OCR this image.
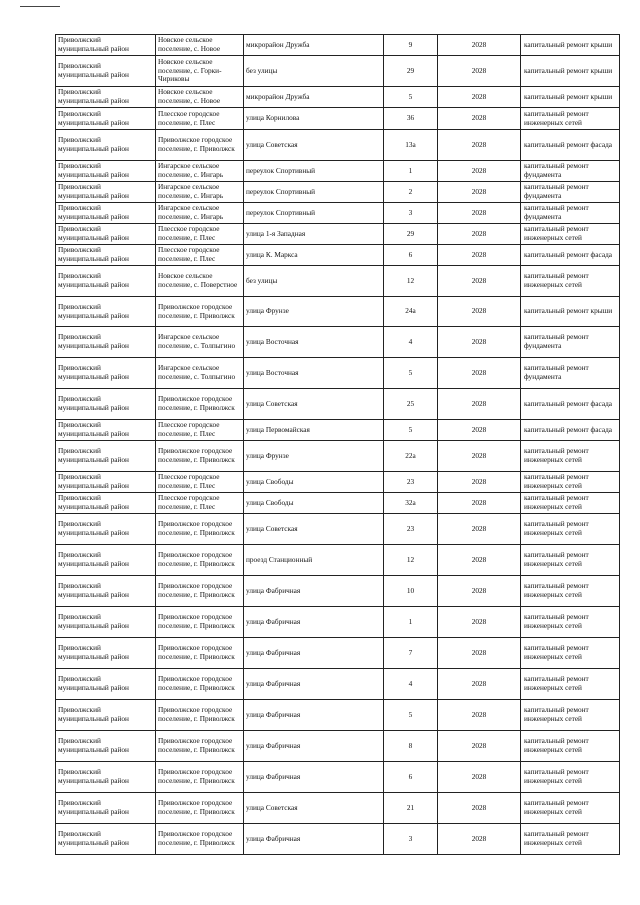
Приволжский муниципальный район	Новское сельское поселение, с. Новое	микрорайон Дружба	9	2028	капитальный ремонт крыши
Приволжский муниципальный район	Новское сельское поселение, с. Горки-Чириковы	без улицы	29	2028	капитальный ремонт крыши
Приволжский муниципальный район	Новское сельское поселение, с. Новое	микрорайон Дружба	5	2028	капитальный ремонт крыши
Приволжский муниципальный район	Плесское городское поселение, г. Плес	улица Корнилова	36	2028	капитальный ремонт инженерных сетей
Приволжский муниципальный район	Приволжское городское поселение, г. Приволжск	улица Советская	13а	2028	капитальный ремонт фасада
Приволжский муниципальный район	Ингарское сельское поселение, с. Ингарь	переулок Спортивный	1	2028	капитальный ремонт фундамента
Приволжский муниципальный район	Ингарское сельское поселение, с. Ингарь	переулок Спортивный	2	2028	капитальный ремонт фундамента
Приволжский муниципальный район	Ингарское сельское поселение, с. Ингарь	переулок Спортивный	3	2028	капитальный ремонт фундамента
Приволжский муниципальный район	Плесское городское поселение, г. Плес	улица 1-я Западная	29	2028	капитальный ремонт инженерных сетей
Приволжский муниципальный район	Плесское городское поселение, г. Плес	улица К. Маркса	6	2028	капитальный ремонт фасада
Приволжский муниципальный район	Новское сельское поселение, с. Поверстное	без улицы	12	2028	капитальный ремонт инженерных сетей
Приволжский муниципальный район	Приволжское городское поселение, г. Приволжск	улица Фрунзе	24а	2028	капитальный ремонт крыши
Приволжский муниципальный район	Ингарское сельское поселение, с. Толпыгино	улица Восточная	4	2028	капитальный ремонт фундамента
Приволжский муниципальный район	Ингарское сельское поселение, с. Толпыгино	улица Восточная	5	2028	капитальный ремонт фундамента
Приволжский муниципальный район	Приволжское городское поселение, г. Приволжск	улица Советская	25	2028	капитальный ремонт фасада
Приволжский муниципальный район	Плесское городское поселение, г. Плес	улица Первомайская	5	2028	капитальный ремонт фасада
Приволжский муниципальный район	Приволжское городское поселение, г. Приволжск	улица Фрунзе	22а	2028	капитальный ремонт инженерных сетей
Приволжский муниципальный район	Плесское городское поселение, г. Плес	улица Свободы	23	2028	капитальный ремонт инженерных сетей
Приволжский муниципальный район	Плесское городское поселение, г. Плес	улица Свободы	32а	2028	капитальный ремонт инженерных сетей
Приволжский муниципальный район	Приволжское городское поселение, г. Приволжск	улица Советская	23	2028	капитальный ремонт инженерных сетей
Приволжский муниципальный район	Приволжское городское поселение, г. Приволжск	проезд Станционный	12	2028	капитальный ремонт инженерных сетей
Приволжский муниципальный район	Приволжское городское поселение, г. Приволжск	улица Фабричная	10	2028	капитальный ремонт инженерных сетей
Приволжский муниципальный район	Приволжское городское поселение, г. Приволжск	улица Фабричная	1	2028	капитальный ремонт инженерных сетей
Приволжский муниципальный район	Приволжское городское поселение, г. Приволжск	улица Фабричная	7	2028	капитальный ремонт инженерных сетей
Приволжский муниципальный район	Приволжское городское поселение, г. Приволжск	улица Фабричная	4	2028	капитальный ремонт инженерных сетей
Приволжский муниципальный район	Приволжское городское поселение, г. Приволжск	улица Фабричная	5	2028	капитальный ремонт инженерных сетей
Приволжский муниципальный район	Приволжское городское поселение, г. Приволжск	улица Фабричная	8	2028	капитальный ремонт инженерных сетей
Приволжский муниципальный район	Приволжское городское поселение, г. Приволжск	улица Фабричная	6	2028	капитальный ремонт инженерных сетей
Приволжский муниципальный район	Приволжское городское поселение, г. Приволжск	улица Советская	21	2028	капитальный ремонт инженерных сетей
Приволжский муниципальный район	Приволжское городское поселение, г. Приволжск	улица Фабричная	3	2028	капитальный ремонт инженерных сетей
